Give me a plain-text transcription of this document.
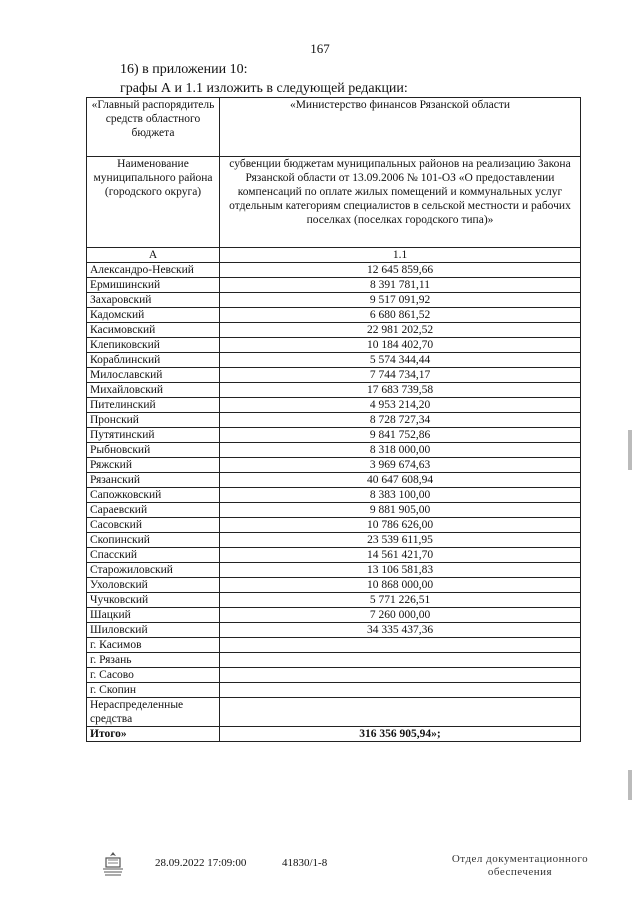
167
16) в приложении 10:
графы А и 1.1 изложить в следующей редакции:
«Главный распорядитель средств областного бюджета	«Министерство финансов Рязанской области
Наименование муниципального района (городского округа)	субвенции бюджетам муниципальных районов на реализацию Закона Рязанской области от 13.09.2006 № 101-ОЗ «О предоставлении компенсаций по оплате жилых помещений и коммунальных услуг отдельным категориям специалистов в сельской местности и рабочих поселках (поселках городского типа)»
А	1.1
Александро-Невский	12 645 859,66
Ермишинский	8 391 781,11
Захаровский	9 517 091,92
Кадомский	6 680 861,52
Касимовский	22 981 202,52
Клепиковский	10 184 402,70
Кораблинский	5 574 344,44
Милославский	7 744 734,17
Михайловский	17 683 739,58
Пителинский	4 953 214,20
Пронский	8 728 727,34
Путятинский	9 841 752,86
Рыбновский	8 318 000,00
Ряжский	3 969 674,63
Рязанский	40 647 608,94
Сапожковский	8 383 100,00
Сараевский	9 881 905,00
Сасовский	10 786 626,00
Скопинский	23 539 611,95
Спасский	14 561 421,70
Старожиловский	13 106 581,83
Ухоловский	10 868 000,00
Чучковский	5 771 226,51
Шацкий	7 260 000,00
Шиловский	34 335 437,36
г. Касимов	
г. Рязань	
г. Сасово	
г. Скопин	
Нераспределенные средства	
Итого»	316 356 905,94»;
28.09.2022 17:09:00	41830/1-8	Отдел документационного обеспечения
